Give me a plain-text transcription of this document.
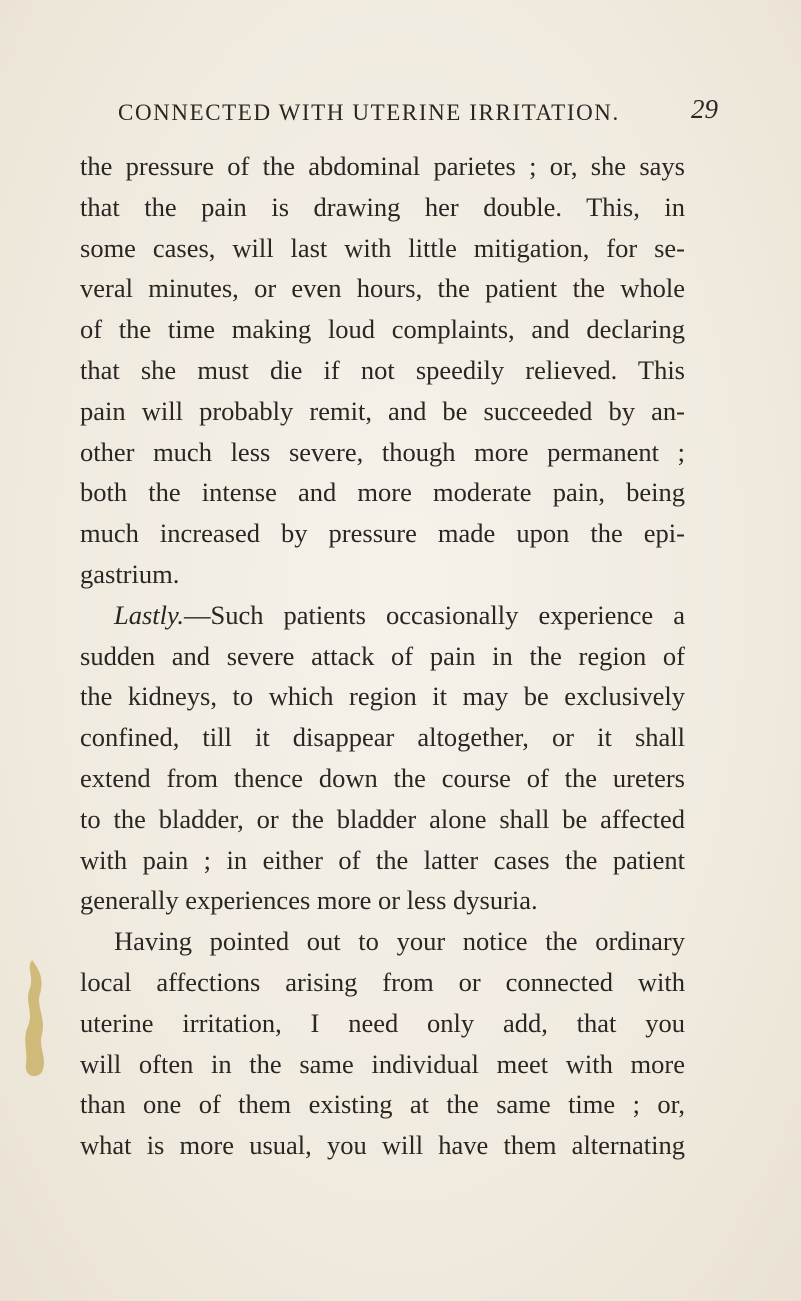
CONNECTED WITH UTERINE IRRITATION.	29
the pressure of the abdominal parietes ; or, she says
that the pain is drawing her double. This, in
some cases, will last with little mitigation, for se-
veral minutes, or even hours, the patient the whole
of the time making loud complaints, and declaring
that she must die if not speedily relieved. This
pain will probably remit, and be succeeded by an-
other much less severe, though more permanent ;
both the intense and more moderate pain, being
much increased by pressure made upon the epi-
gastrium.
Lastly.—Such patients occasionally experience a
sudden and severe attack of pain in the region of
the kidneys, to which region it may be exclusively
confined, till it disappear altogether, or it shall
extend from thence down the course of the ureters
to the bladder, or the bladder alone shall be affected
with pain ; in either of the latter cases the patient
generally experiences more or less dysuria.
Having pointed out to your notice the ordinary
local affections arising from or connected with
uterine irritation, I need only add, that you
will often in the same individual meet with more
than one of them existing at the same time ; or,
what is more usual, you will have them alternating
